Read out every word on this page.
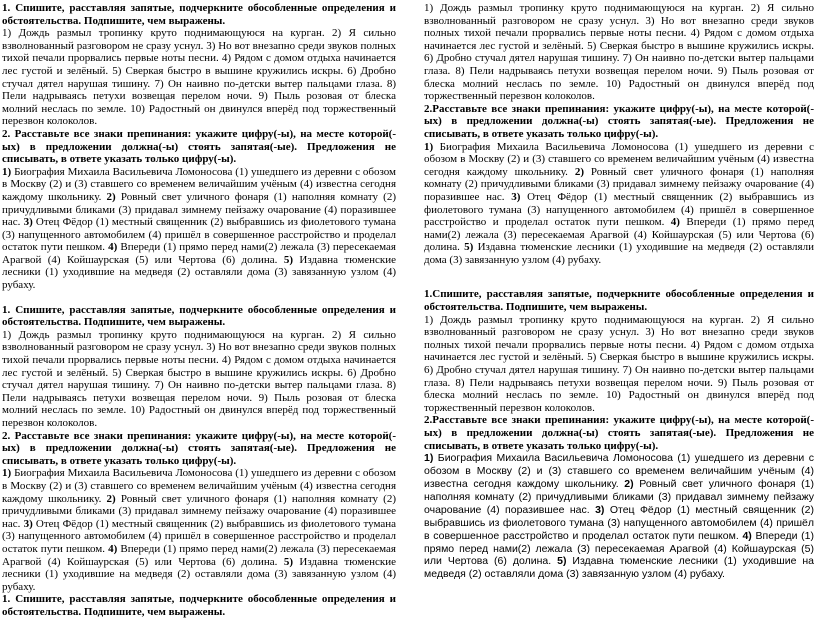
1. Спишите, расставляя запятые, подчеркните обособленные определения и обстоятельства. Подпишите, чем выражены.

1) Дождь размыл тропинку круто поднимающуюся на курган. 2) Я сильно взволнованный разговором не сразу уснул. 3) Но вот внезапно среди звуков полных тихой печали прорвались первые ноты песни. 4) Рядом с домом отдыха начинается лес густой и зелёный. 5) Сверкая быстро в вышине кружились искры. 6) Дробно стучал дятел нарушая тишину. 7) Он наивно по-детски вытер пальцами глаза. 8) Пели надрываясь петухи возвещая перелом ночи. 9) Пыль розовая от блеска молний неслась по земле. 10) Радостный он двинулся вперёд под торжественный перезвон колоколов.

2. Расставьте все знаки препинания: укажите цифру(-ы), на месте которой(-ых) в предложении должна(-ы) стоять запятая(-ые). Предложения не списывать, в ответе указать только цифру(-ы).

1) Биография Михаила Васильевича Ломоносова (1) ушедшего из деревни с обозом в Москву (2) и (3) ставшего со временем величайшим учёным (4) известна сегодня каждому школьнику. 2) Ровный свет уличного фонаря (1) наполняя комнату (2) причудливыми бликами (3) придавал зимнему пейзажу очарование (4) поразившее нас. 3) Отец Фёдор (1) местный священник (2) выбравшись из фиолетового тумана (3) напущенного автомобилем (4) пришёл в совершенное расстройство и проделал остаток пути пешком. 4) Впереди (1) прямо перед нами(2) лежала (3) пересекаемая Арагвой (4) Койшаурская (5) или Чертова (6) долина. 5) Издавна тюменские лесники (1) уходившие на медведя (2) оставляли дома (3) завязанную узлом (4) рубаху.

1. Спишите, расставляя запятые, подчеркните обособленные определения и обстоятельства. Подпишите, чем выражены.

1) Дождь размыл тропинку круто поднимающуюся на курган. 2) Я сильно взволнованный разговором не сразу уснул. 3) Но вот внезапно среди звуков полных тихой печали прорвались первые ноты песни. 4) Рядом с домом отдыха начинается лес густой и зелёный. 5) Сверкая быстро в вышине кружились искры. 6) Дробно стучал дятел нарушая тишину. 7) Он наивно по-детски вытер пальцами глаза. 8) Пели надрываясь петухи возвещая перелом ночи. 9) Пыль розовая от блеска молний неслась по земле. 10) Радостный он двинулся вперёд под торжественный перезвон колоколов.

2. Расставьте все знаки препинания: укажите цифру(-ы), на месте которой(-ых) в предложении должна(-ы) стоять запятая(-ые). Предложения не списывать, в ответе указать только цифру(-ы).

1) Биография Михаила Васильевича Ломоносова (1) ушедшего из деревни с обозом в Москву (2) и (3) ставшего со временем величайшим учёным (4) известна сегодня каждому школьнику. 2) Ровный свет уличного фонаря (1) наполняя комнату (2) причудливыми бликами (3) придавал зимнему пейзажу очарование (4) поразившее нас. 3) Отец Фёдор (1) местный священник (2) выбравшись из фиолетового тумана (3) напущенного автомобилем (4) пришёл в совершенное расстройство и проделал остаток пути пешком. 4) Впереди (1) прямо перед нами(2) лежала (3) пересекаемая Арагвой (4) Койшаурская (5) или Чертова (6) долина. 5) Издавна тюменские лесники (1) уходившие на медведя (2) оставляли дома (3) завязанную узлом (4) рубаху.

1. Спишите, расставляя запятые, подчеркните обособленные определения и обстоятельства. Подпишите, чем выражены.

1) Дождь размыл тропинку круто поднимающуюся на курган. 2) Я сильно взволнованный разговором не сразу уснул. 3) Но вот внезапно среди звуков полных тихой печали прорвались первые ноты песни. 4) Рядом с домом отдыха начинается лес густой и зелёный. 5) Сверкая быстро в вышине кружились искры. 6) Дробно стучал дятел нарушая тишину. 7) Он наивно по-детски вытер пальцами глаза. 8) Пели надрываясь петухи возвещая перелом ночи. 9) Пыль розовая от блеска молний неслась по земле. 10) Радостный он двинулся вперёд под торжественный перезвон колоколов.

2.Расставьте все знаки препинания: укажите цифру(-ы), на месте которой(-ых) в предложении должна(-ы) стоять запятая(-ые). Предложения не списывать, в ответе указать только цифру(-ы).

1) Биография Михаила Васильевича Ломоносова (1) ушедшего из деревни с обозом в Москву (2) и (3) ставшего со временем величайшим учёным (4) известна сегодня каждому школьнику. 2) Ровный свет уличного фонаря (1) наполняя комнату (2) причудливыми бликами (3) придавал зимнему пейзажу очарование (4) поразившее нас. 3) Отец Фёдор (1) местный священник (2) выбравшись из фиолетового тумана (3) напущенного автомобилем (4) пришёл в совершенное расстройство и проделал остаток пути пешком. 4) Впереди (1) прямо перед нами(2) лежала (3) пересекаемая Арагвой (4) Койшаурская (5) или Чертова (6) долина. 5) Издавна тюменские лесники (1) уходившие на медведя (2) оставляли дома (3) завязанную узлом (4) рубаху.

1.Спишите, расставляя запятые, подчеркните обособленные определения и обстоятельства. Подпишите, чем выражены.

1) Дождь размыл тропинку круто поднимающуюся на курган. 2) Я сильно взволнованный разговором не сразу уснул. 3) Но вот внезапно среди звуков полных тихой печали прорвались первые ноты песни. 4) Рядом с домом отдыха начинается лес густой и зелёный. 5) Сверкая быстро в вышине кружились искры. 6) Дробно стучал дятел нарушая тишину. 7) Он наивно по-детски вытер пальцами глаза. 8) Пели надрываясь петухи возвещая перелом ночи. 9) Пыль розовая от блеска молний неслась по земле. 10) Радостный он двинулся вперёд под торжественный перезвон колоколов.

2.Расставьте все знаки препинания: укажите цифру(-ы), на месте которой(-ых) в предложении должна(-ы) стоять запятая(-ые). Предложения не списывать, в ответе указать только цифру(-ы).

1) Биография Михаила Васильевича Ломоносова (1) ушедшего из деревни с обозом в Москву (2) и (3) ставшего со временем величайшим учёным (4) известна сегодня каждому школьнику. 2) Ровный свет уличного фонаря (1) наполняя комнату (2) причудливыми бликами (3) придавал зимнему пейзажу очарование (4) поразившее нас. 3) Отец Фёдор (1) местный священник (2) выбравшись из фиолетового тумана (3) напущенного автомобилем (4) пришёл в совершенное расстройство и проделал остаток пути пешком. 4) Впереди (1) прямо перед нами(2) лежала (3) пересекаемая Арагвой (4) Койшаурская (5) или Чертова (6) долина. 5) Издавна тюменские лесники (1) уходившие на медведя (2) оставляли дома (3) завязанную узлом (4) рубаху.
